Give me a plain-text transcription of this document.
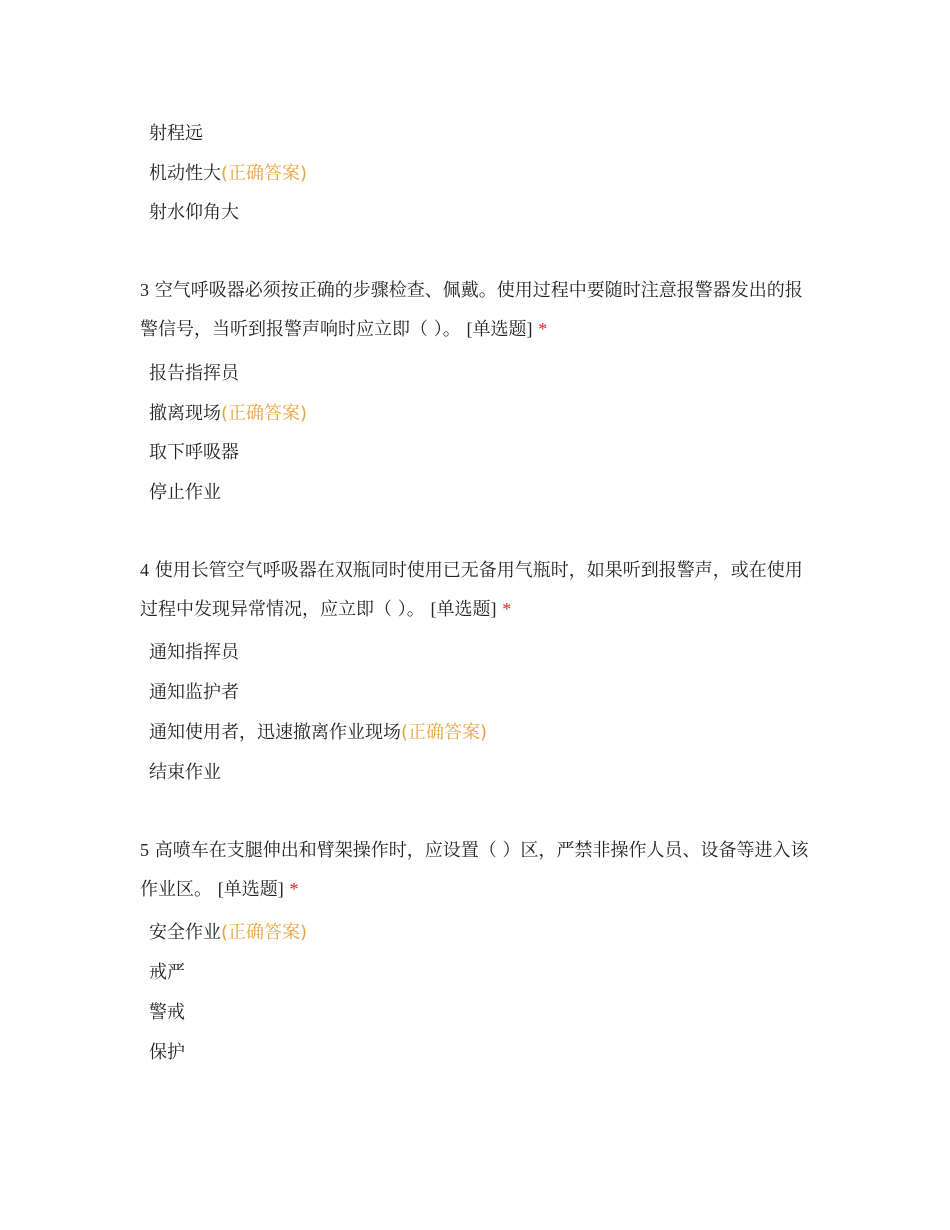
射程远
机动性大(正确答案)
射水仰角大
3 空气呼吸器必须按正确的步骤检查、佩戴。使用过程中要随时注意报警器发出的报警信号，当听到报警声响时应立即（ ）。 [单选题] *
报告指挥员
撤离现场(正确答案)
取下呼吸器
停止作业
4 使用长管空气呼吸器在双瓶同时使用已无备用气瓶时，如果听到报警声，或在使用过程中发现异常情况，应立即（ ）。 [单选题] *
通知指挥员
通知监护者
通知使用者，迅速撤离作业现场(正确答案)
结束作业
5 高喷车在支腿伸出和臂架操作时，应设置（ ）区，严禁非操作人员、设备等进入该作业区。 [单选题] *
安全作业(正确答案)
戒严
警戒
保护
